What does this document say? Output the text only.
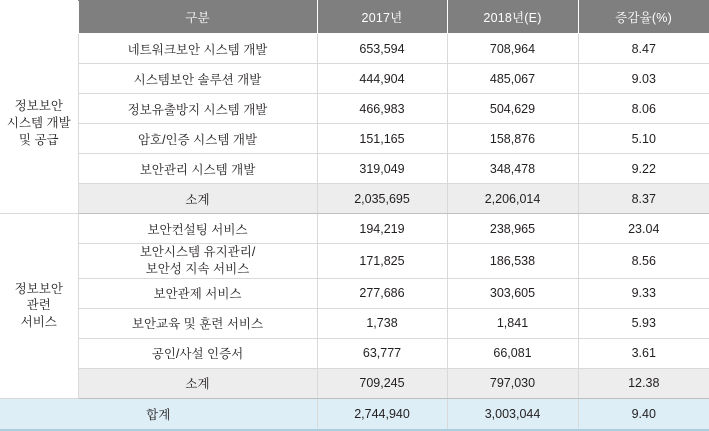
	구분	2017년	2018년(E)	증감율(%)

정보보안
시스템 개발
및 공급	네트워크보안 시스템 개발	653,594	708,964	8.47
	시스템보안 솔루션 개발	444,904	485,067	9.03
	정보유출방지 시스템 개발	466,983	504,629	8.06
	암호/인증 시스템 개발	151,165	158,876	5.10
	보안관리 시스템 개발	319,049	348,478	9.22
	소계	2,035,695	2,206,014	8.37

정보보안
관련
서비스	보안컨설팅 서비스	194,219	238,965	23.04

	보안시스템 유지관리/
보안성 지속 서비스	171,825	186,538	8.56
	보안관제 서비스	277,686	303,605	9.33
	보안교육 및 훈련 서비스	1,738	1,841	5.93
	공인/사설 인증서	63,777	66,081	3.61
	소계	709,245	797,030	12.38
합계		2,744,940	3,003,044	9.40
